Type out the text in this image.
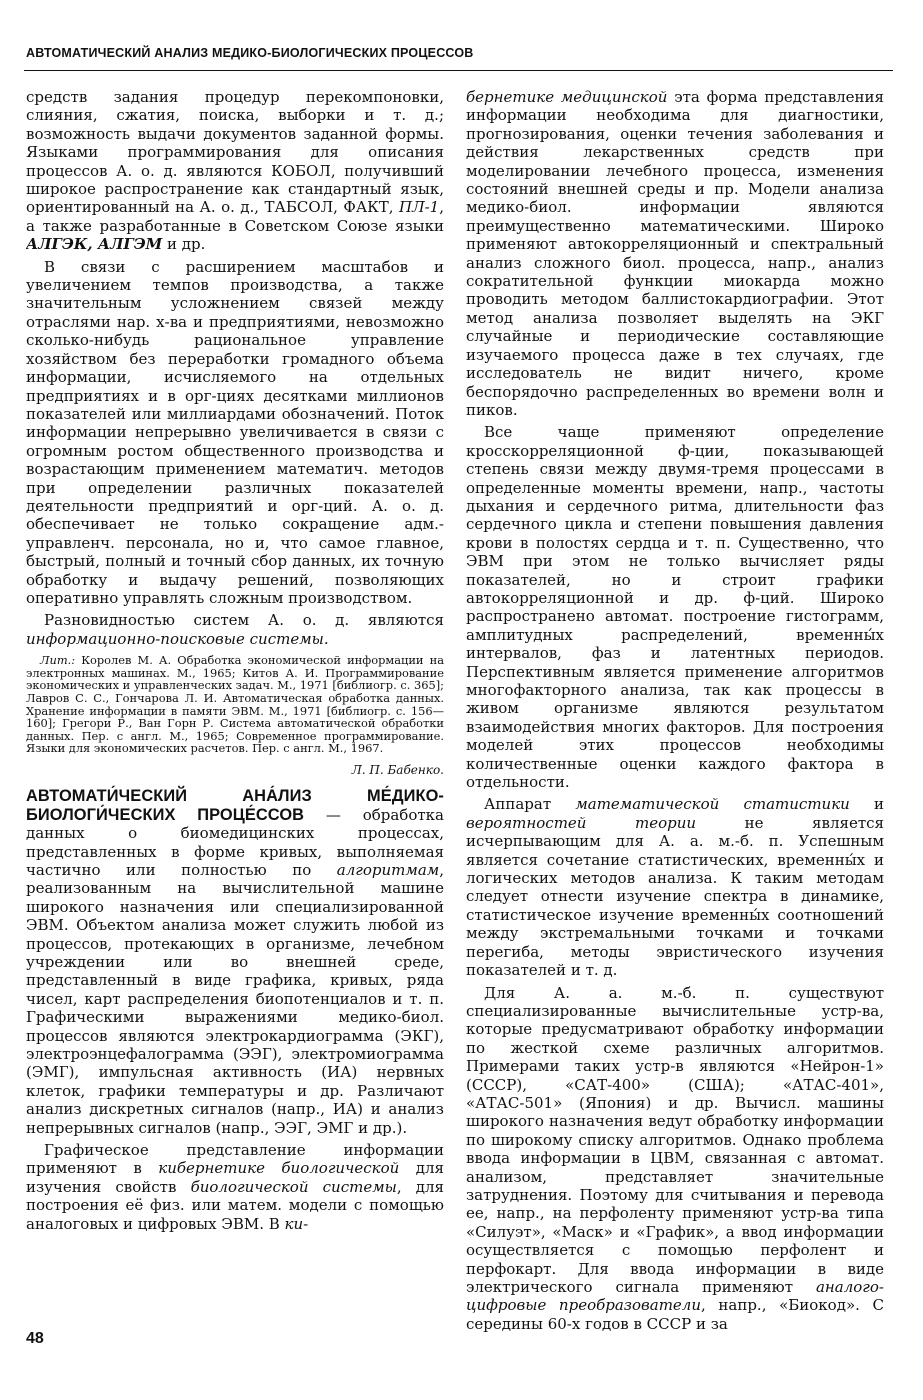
АВТОМАТИЧЕСКИЙ АНАЛИЗ МЕДИКО-БИОЛОГИЧЕСКИХ ПРОЦЕССОВ

средств задания процедур перекомпоновки, слияния, сжатия, поиска, выборки и т. д.; возможность выдачи документов заданной формы. Языками программирования для описания процессов А. о. д. являются КОБОЛ, получивший широкое распространение как стандартный язык, ориентированный на А. о. д., ТАБСОЛ, ФАКТ, ПЛ-1, а также разработанные в Советском Союзе языки АЛГЭК, АЛГЭМ и др.

В связи с расширением масштабов и увеличением темпов производства, а также значительным усложнением связей между отраслями нар. х-ва и предприятиями, невозможно сколько-нибудь рациональное управление хозяйством без переработки громадного объема информации, исчисляемого на отдельных предприятиях и в орг-циях десятками миллионов показателей или миллиардами обозначений. Поток информации непрерывно увеличивается в связи с огромным ростом общественного производства и возрастающим применением математич. методов при определении различных показателей деятельности предприятий и орг-ций. А. о. д. обеспечивает не только сокращение адм.-управленч. персонала, но и, что самое главное, быстрый, полный и точный сбор данных, их точную обработку и выдачу решений, позволяющих оперативно управлять сложным производством.

Разновидностью систем А. о. д. являются информационно-поисковые системы.

Лит.: Королев М. А. Обработка экономической информации на электронных машинах. М., 1965; Китов А. И. Программирование экономических и управленческих задач. М., 1971 [библиогр. с. 365]; Лавров С. С., Гончарова Л. И. Автоматическая обработка данных. Хранение информации в памяти ЭВМ. М., 1971 [библиогр. с. 156—160]; Грегори Р., Ван Горн Р. Система автоматической обработки данных. Пер. с англ. М., 1965; Современное программирование. Языки для экономических расчетов. Пер. с англ. М., 1967.
Л. П. Бабенко.

АВТОМАТИ́ЧЕСКИЙ АНА́ЛИЗ МЕ́ДИКО-БИОЛОГИ́ЧЕСКИХ ПРОЦЕ́ССОВ — обработка данных о биомедицинских процессах, представленных в форме кривых, выполняемая частично или полностью по алгоритмам, реализованным на вычислительной машине широкого назначения или специализированной ЭВМ. Объектом анализа может служить любой из процессов, протекающих в организме, лечебном учреждении или во внешней среде, представленный в виде графика, кривых, ряда чисел, карт распределения биопотенциалов и т. п. Графическими выражениями медико-биол. процессов являются электрокардиограмма (ЭКГ), электроэнцефалограмма (ЭЭГ), электромиограмма (ЭМГ), импульсная активность (ИА) нервных клеток, графики температуры и др. Различают анализ дискретных сигналов (напр., ИА) и анализ непрерывных сигналов (напр., ЭЭГ, ЭМГ и др.).

Графическое представление информации применяют в кибернетике биологической для изучения свойств биологической системы, для построения её физ. или матем. модели с помощью аналоговых и цифровых ЭВМ. В ки-

бернетике медицинской эта форма представления информации необходима для диагностики, прогнозирования, оценки течения заболевания и действия лекарственных средств при моделировании лечебного процесса, изменения состояний внешней среды и пр. Модели анализа медико-биол. информации являются преимущественно математическими. Широко применяют автокорреляционный и спектральный анализ сложного биол. процесса, напр., анализ сократительной функции миокарда можно проводить методом баллистокардиографии. Этот метод анализа позволяет выделять на ЭКГ случайные и периодические составляющие изучаемого процесса даже в тех случаях, где исследователь не видит ничего, кроме беспорядочно распределенных во времени волн и пиков.

Все чаще применяют определение кросскорреляционной ф-ции, показывающей степень связи между двумя-тремя процессами в определенные моменты времени, напр., частоты дыхания и сердечного ритма, длительности фаз сердечного цикла и степени повышения давления крови в полостях сердца и т. п. Существенно, что ЭВМ при этом не только вычисляет ряды показателей, но и строит графики автокорреляционной и др. ф-ций. Широко распространено автомат. построение гистограмм, амплитудных распределений, временны́х интервалов, фаз и латентных периодов. Перспективным является применение алгоритмов многофакторного анализа, так как процессы в живом организме являются результатом взаимодействия многих факторов. Для построения моделей этих процессов необходимы количественные оценки каждого фактора в отдельности.

Аппарат математической статистики и вероятностей теории	не является исчерпывающим для А. а. м.-б. п. Успешным является сочетание статистических, временны́х и логических методов анализа. К таким методам следует отнести изучение спектра в динамике, статистическое изучение временны́х соотношений между экстремальными точками и точками перегиба, методы эвристического изучения показателей и т. д.

Для А. а. м.-б. п. существуют специализированные вычислительные устр-ва, которые предусматривают обработку информации по жесткой схеме различных алгоритмов. Примерами таких устр-в являются «Нейрон-1» (СССР), «САТ-400» (США); «АТАС-401», «АТАС-501» (Япония) и др. Вычисл. машины широкого назначения ведут обработку информации по широкому списку алгоритмов. Однако проблема ввода информации в ЦВМ, связанная с автомат. анализом, представляет значительные затруднения. Поэтому для считывания и перевода ее, напр., на перфоленту применяют устр-ва типа «Силуэт», «Маск» и «График», а ввод информации осуществляется с помощью перфолент и перфокарт. Для ввода информации в виде электрического сигнала применяют аналого-цифровые преобразователи, напр., «Биокод». С середины 60-х годов в СССР и за

48
